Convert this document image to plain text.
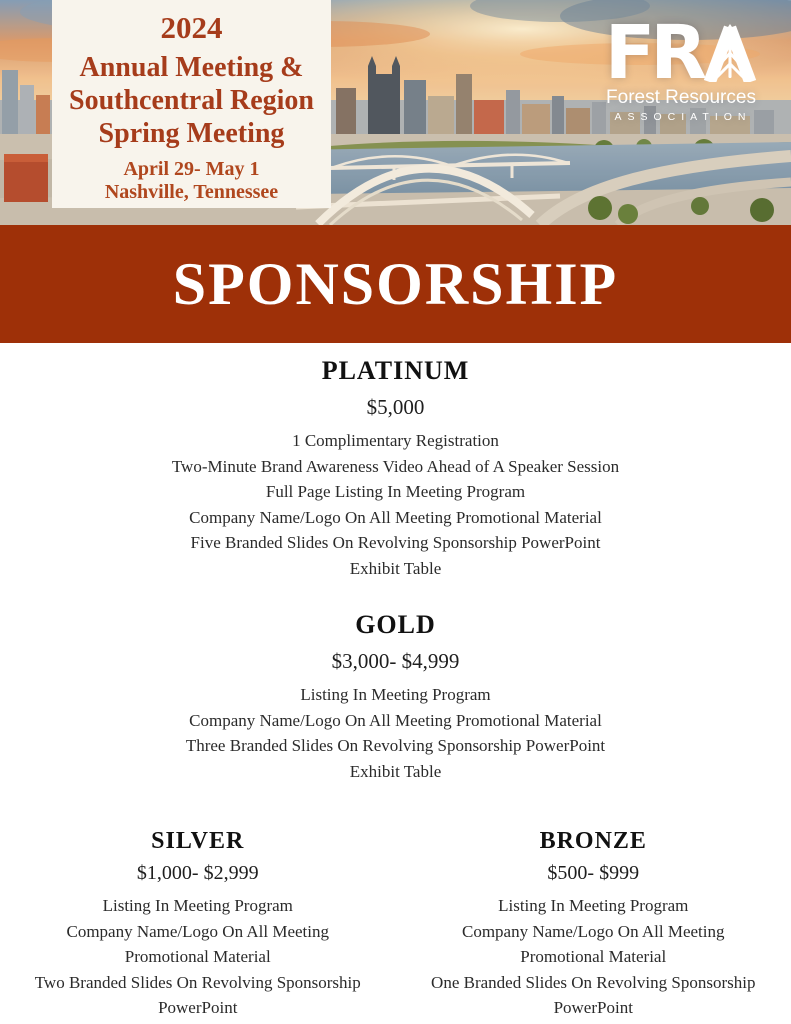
2024
Annual Meeting &
Southcentral Region
Spring Meeting
April 29- May 1
Nashville, Tennessee
FR
Forest Resources
ASSOCIATION
SPONSORSHIP
PLATINUM
$5,000
1 Complimentary Registration
Two-Minute Brand Awareness Video Ahead of A Speaker Session
Full Page Listing In Meeting Program
Company Name/Logo On All Meeting Promotional Material
Five Branded Slides On Revolving Sponsorship PowerPoint
Exhibit Table
GOLD
$3,000- $4,999
Listing In Meeting Program
Company Name/Logo On All Meeting Promotional Material
Three Branded Slides On Revolving Sponsorship PowerPoint
Exhibit Table
SILVER
$1,000- $2,999
Listing In Meeting Program
Company Name/Logo On All Meeting
Promotional Material
Two Branded Slides On Revolving Sponsorship
PowerPoint
BRONZE
$500- $999
Listing In Meeting Program
Company Name/Logo On All Meeting
Promotional Material
One Branded Slides On Revolving Sponsorship
PowerPoint
